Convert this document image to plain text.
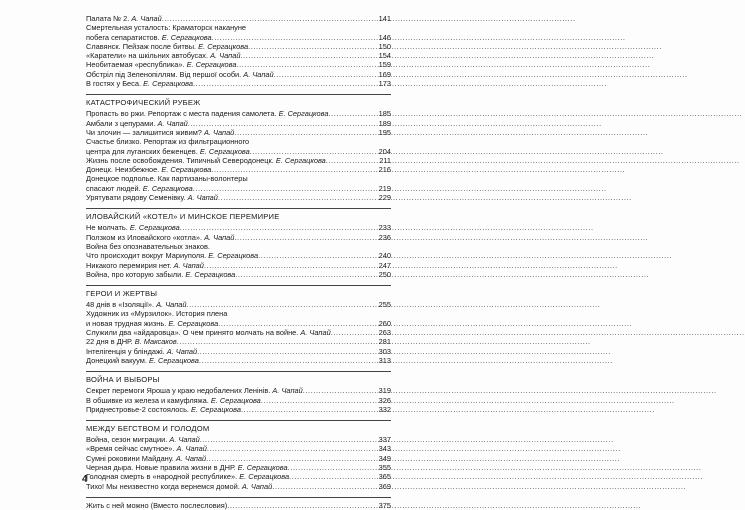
Палата № 2. А. Чапай .....	141
Смертельная усталость: Краматорск накануне
побега сепаратистов. Е. Сергацкова .....	146
Славянск. Пейзаж после битвы. Е. Сергацкова .....	150
«Каратели» на шкільних автобусах. А. Чапай .....	154
Необитаемая «республика». Е. Сергацкова .....	159
Обстріл під Зеленопіллям. Від першої особи. А. Чапай .....	169
В гостях у Беса. Е. Сергацкова .....	173
КАТАСТРОФИЧЕСКИЙ РУБЕЖ
Пропасть во ржи. Репортаж с места падения самолета. Е. Сергацкова .....	185
Амбали з цепурами. А. Чапай .....	189
Чи злочин — залишитися живим? А. Чапай .....	195
Счастье близко. Репортаж из фильтрационного
центра для луганских беженцев. Е. Сергацкова .....	204
Жизнь после освобождения. Типичный Северодонецк. Е. Сергацкова .....	211
Донецк. Неизбежное. Е. Сергацкова .....	216
Донецкое подполье. Как партизаны-волонтеры
спасают людей. Е. Сергацкова .....	219
Урятувати рядову Семенівку. А. Чапай .....	229
ИЛОВАЙСКИЙ «КОТЕЛ» И МИНСКОЕ ПЕРЕМИРИЕ
Не молчать. Е. Сергацкова .....	233
Ползком из Иловайского «котла». А. Чапай .....	236
Война без опознавательных знаков.
Что происходит вокруг Мариуполя. Е. Сергацкова .....	240
Никакого перемирия нет. А. Чапай .....	247
Война, про которую забыли. Е. Сергацкова .....	250
ГЕРОИ И ЖЕРТВЫ
48 днів в «Ізоляції». А. Чапай .....	255
Художник из «Мурзилок». История плена
и новая трудная жизнь. Е. Сергацкова .....	260
Служили два «айдаровца». О чем принято молчать на войне. А. Чапай .....	263
22 дня в ДНР. В. Максаков .....	281
Інтелігенція у бліндажі. А. Чапай .....	303
Донецкий вакуум. Е. Сергацкова .....	313
ВОЙНА И ВЫБОРЫ
Секрет перемоги Яроша у краю недобалених Ленінів. А. Чапай .....	319
В обшивке из железа и камуфляжа. Е. Сергацкова .....	326
Приднестровье-2 состоялось. Е. Сергацкова .....	332
МЕЖДУ БЕГСТВОМ И ГОЛОДОМ
Война, сезон миграции. А. Чапай .....	337
«Время сейчас смутное». А. Чапай .....	343
Сумні роковини Майдану. А. Чапай .....	349
Черная дыра. Новые правила жизни в ДНР. Е. Сергацкова .....	355
Голодная смерть в «народной республике». Е. Сергацкова .....	365
Тихо! Мы неизвестно когда вернемся домой. А. Чапай .....	369
Жить с ней можно (Вместо послесловия) .....	375
4
